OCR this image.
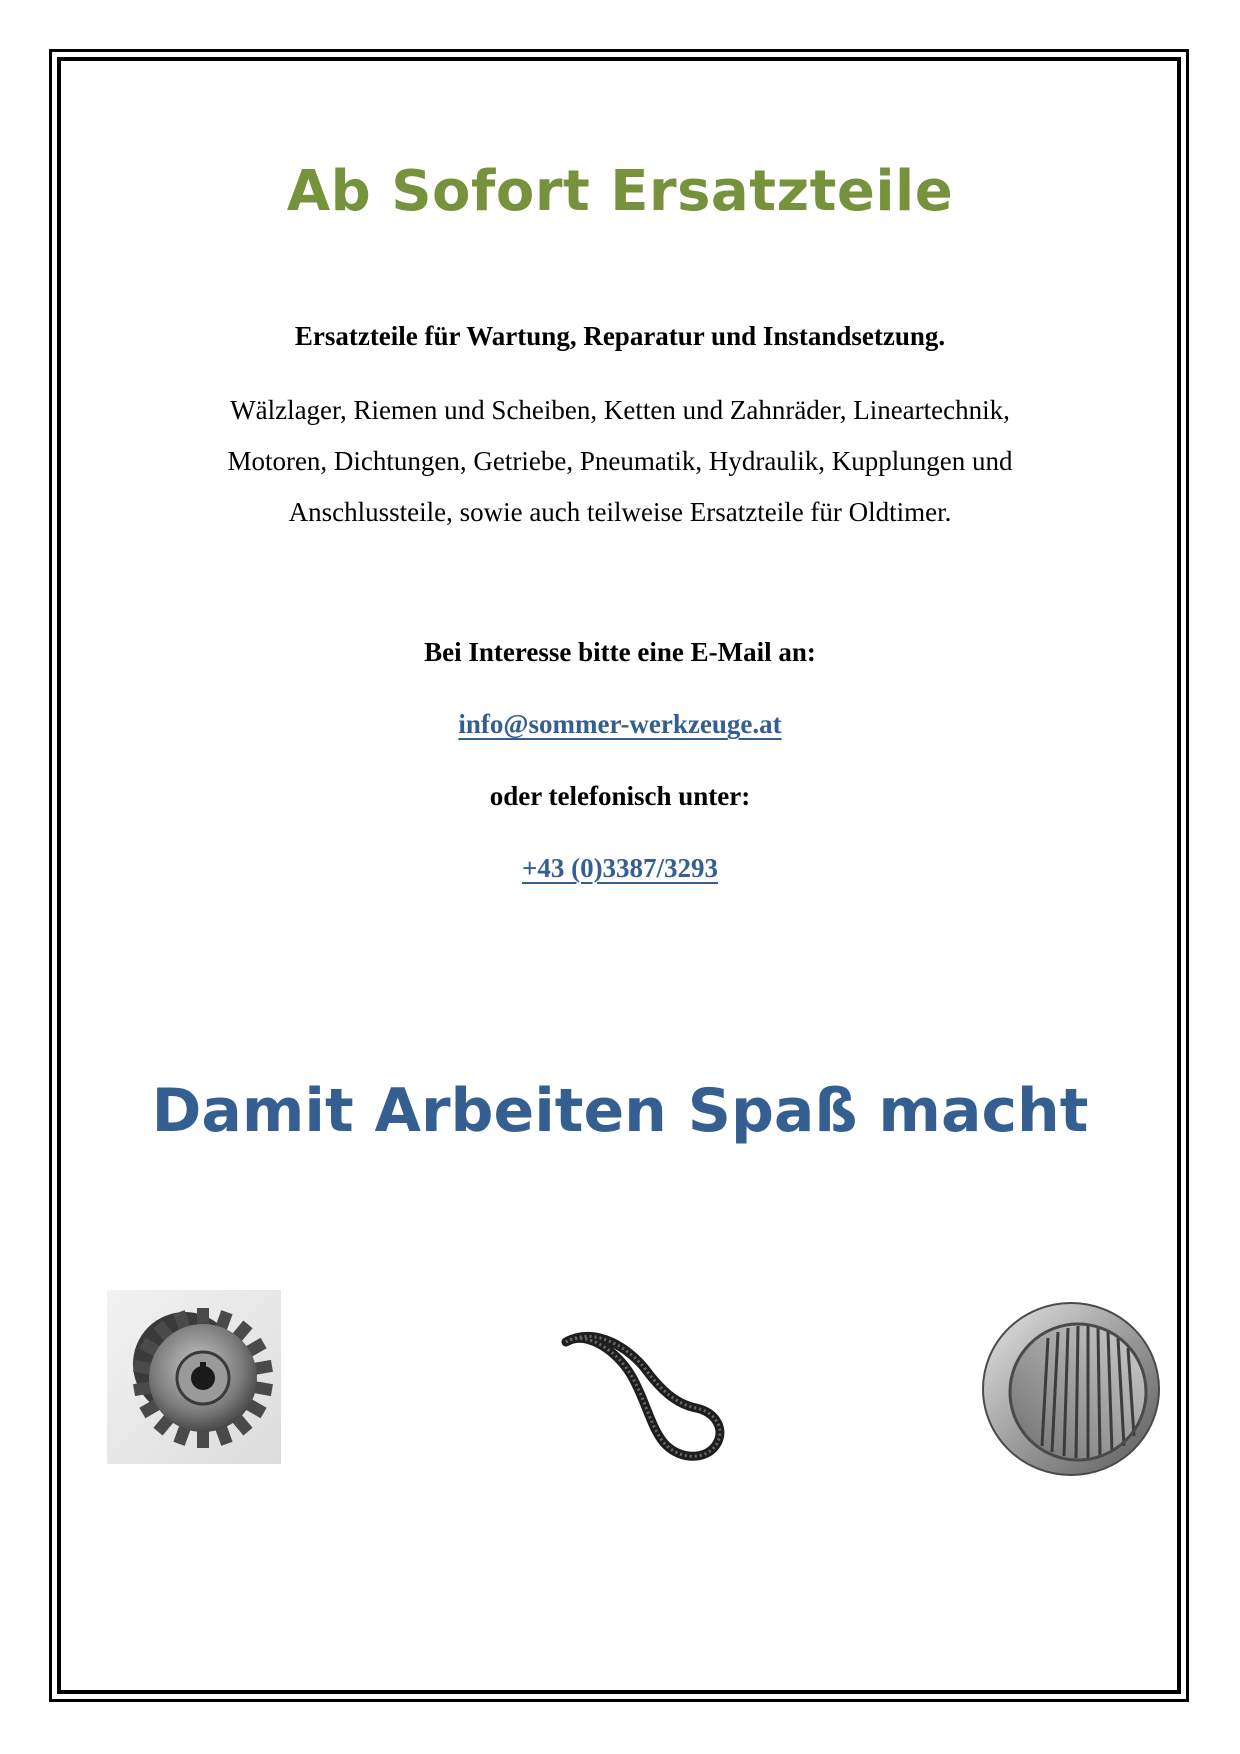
Ab Sofort Ersatzteile
Ersatzteile für Wartung, Reparatur und Instandsetzung.
Wälzlager, Riemen und Scheiben, Ketten und Zahnräder, Lineartechnik,
Motoren, Dichtungen, Getriebe, Pneumatik, Hydraulik, Kupplungen und
Anschlussteile, sowie auch teilweise Ersatzteile für Oldtimer.
Bei Interesse bitte eine E-Mail an:
info@sommer-werkzeuge.at
oder telefonisch unter:
+43 (0)3387/3293
Damit Arbeiten Spaß macht
